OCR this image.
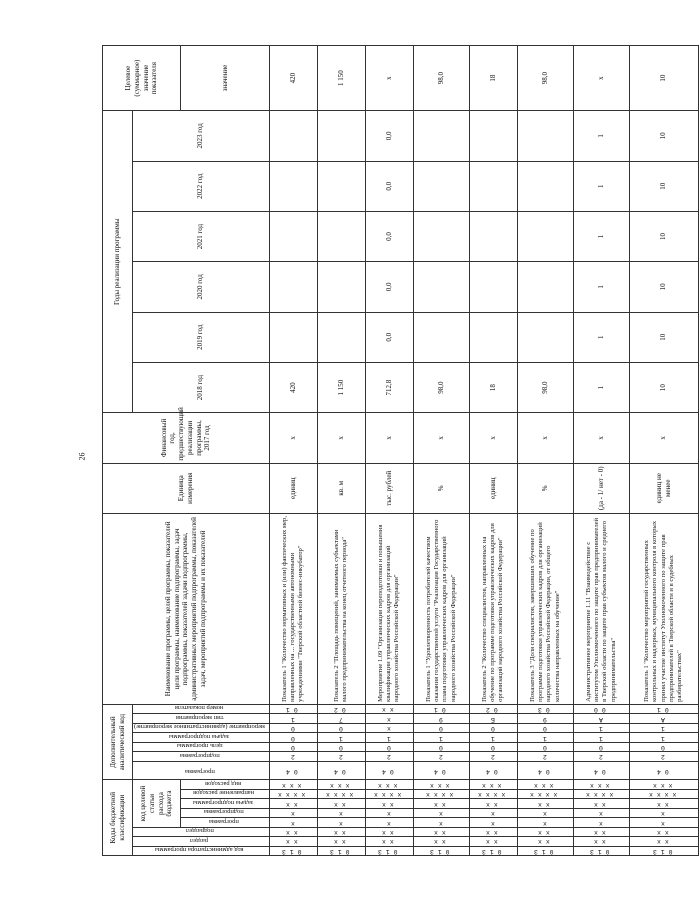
26
Коды бюджетной классификации								Дополнительный аналитический код							Наименование программы, целей программы, показателей цели программы, наименование подпрограммы, задач подпрограммы, показателей задачи подпрограммы, административных мероприятий подпрограммы, показателей задач, мероприятий подпрограммы и их показателей	Единица измерения	Финансовый год, предшествующий реализации программы, 2017 год	Годы реализации программы						Целевое (суммарное) значение показателя
код администратора программы	раздел	подраздел	код целевой статьи расхода бюджета					программа	подпрограмма	цель программы	задача подпрограммы	мероприятие (административное мероприятие)	тип мероприятия	номер показателя				2018 год	2019 год	2020 год	2021 год	2022 год	2023 год	
			программа	подпрограмма	задача подпрограммы	направление расходов	вид расходов																	значение
0 1 3	x x	x x	x	x	x x	x x x x	x x x	0 4	2	0	0	0	1	0 1	Показатель 1 "Количество нормативных и (или) фактических мер, направленных на ... государственными автономными учреждениями "Тверской областной бизнес-инкубатор"	единиц	x	420						420
0 1 3	x x	x x	x	x	x x	x x x x	x x x	0 4	2	0	1	0	7	0 2	Показатель 2 "Площадь помещений, занимаемых субъектами малого предпринимательства на конец отчетного периода"	кв. м	x	1 150						1 150
0 1 3	x x	x x	x	x	x x	x x x x	x x x	0 4	2	0	1	x	x	x x	Мероприятие 1.09 "Организация переподготовки и повышения квалификации управленческих кадров для организаций народного хозяйства Российской Федерации"	тыс. рублей	x	712,8	0,0	0,0	0,0	0,0	0,0	x
0 1 3	x x	x x	x	x	x x	x x x x	x x x	0 4	2	0	1	0	9	0 1	Показатель 1 "Удовлетворенность потребителей качеством оказания государственной услуги "Реализация Государственного плана подготовки управленческих кадров для организаций народного хозяйства Российской Федерации"	%	x	98,0						98,0
0 1 3	x x	x x	x	x	x x	x x x x	x x x	0 4	2	0	1	0	Б	0 2	Показатель 2 "Количество специалистов, направленных на обучение по программе подготовки управленческих кадров для организаций народного хозяйства Российской Федерации"	единиц	x	18						18
0 1 3	x x	x x	x	x	x x	x x x x	x x x	0 4	2	0	1	0	9	0 3	Показатель 3 "Доля специалистов, завершивших обучение по программе подготовки управленческих кадров для организаций народного хозяйства Российской Федерации, от общего количества направленных на обучение"	%	x	98,0						98,0
0 1 3	x x	x x	x	x	x x	x x x x	x x x	0 4	2	0	1	1	А	0 0	Административное мероприятие 1.11 "Взаимодействие с институтом Уполномоченного по защите прав предпринимателей в Тверской области по защите прав субъектов малого и среднего предпринимательства"	(да - 1/ нет - 0)	x	1	1	1	1	1	1	x
0 1 3	x x	x x	x	x	x x	x x x x	x x x	0 4	2	0	1	1	А	0 1	Показатель 1 "Количество мероприятий государственных контрольных и надзорных, муниципального контроля в которых принял участие институт Уполномоченного по защите прав предпринимателей в Тверской области и в судебных разбирательствах"	единиц не менее	x	10	10	10	10	10	10	10
